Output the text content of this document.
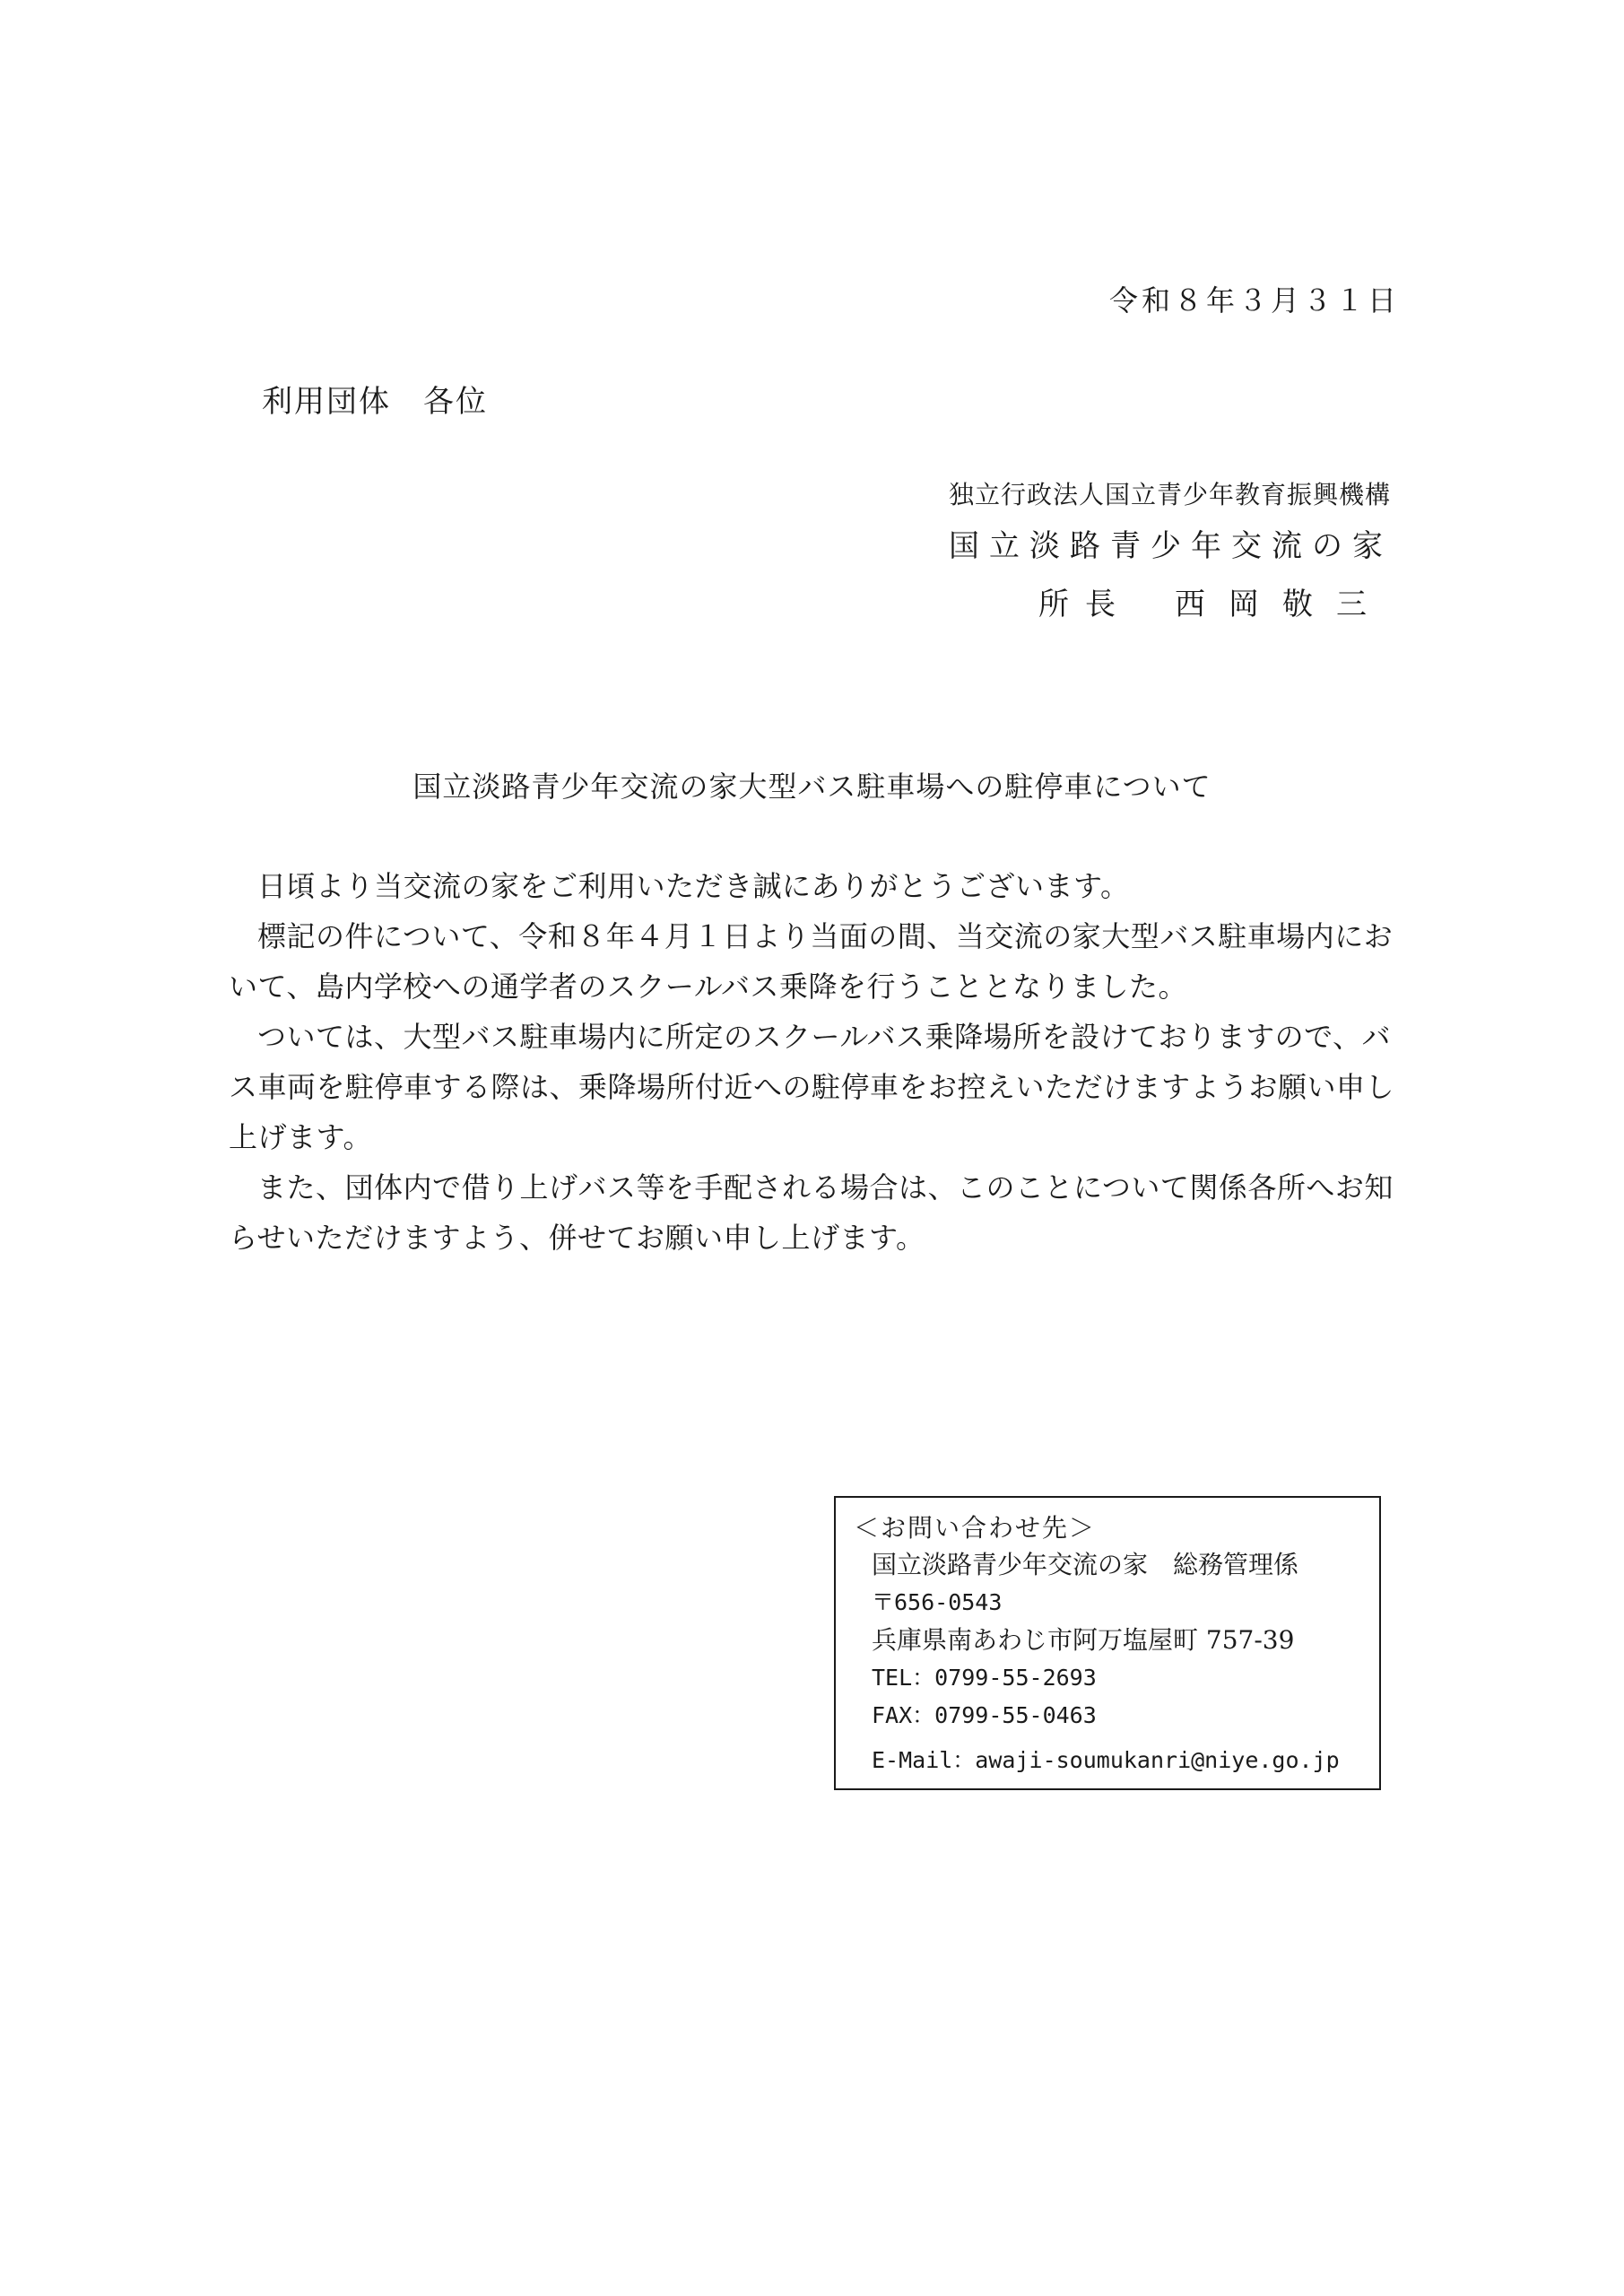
令和８年３月３１日
利用団体　各位
独立行政法人国立青少年教育振興機構
国立淡路青少年交流の家
所長 西岡敬三
国立淡路青少年交流の家大型バス駐車場への駐停車について

日頃より当交流の家をご利用いただき誠にありがとうございます。

標記の件について、令和８年４月１日より当面の間、当交流の家大型バス駐車場内において、島内学校への通学者のスクールバス乗降を行うこととなりました。

ついては、大型バス駐車場内に所定のスクールバス乗降場所を設けておりますので、バス車両を駐停車する際は、乗降場所付近への駐停車をお控えいただけますようお願い申し上げます。

また、団体内で借り上げバス等を手配される場合は、このことについて関係各所へお知らせいただけますよう、併せてお願い申し上げます。

＜お問い合わせ先＞
国立淡路青少年交流の家　総務管理係
〒656-0543
兵庫県南あわじ市阿万塩屋町 757-39
TEL：0799-55-2693
FAX：0799-55-0463
E-Mail：awaji-soumukanri@niye.go.jp
